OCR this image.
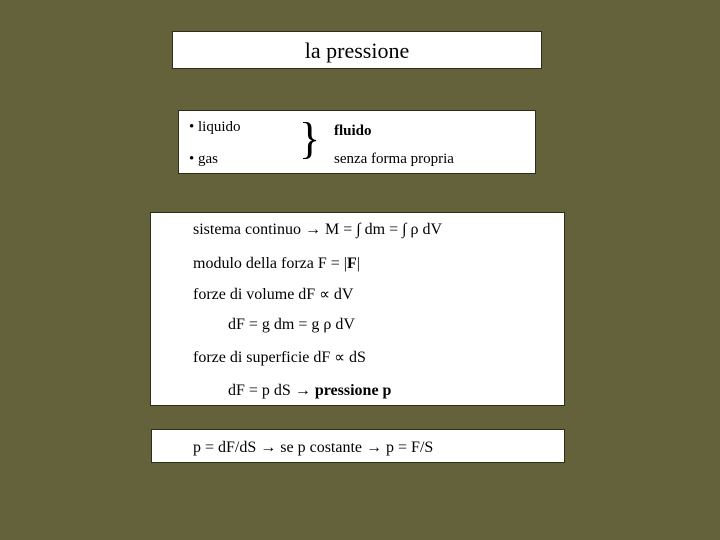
la pressione
• liquido
• gas } fluido
senza forma propria
sistema continuo → M = ∫ dm = ∫ ρ dV
modulo della forza F = |F|
forze di volume dF ∝ dV
dF = g dm = g ρ dV
forze di superficie dF ∝ dS
dF = p dS → pressione p
p = dF/dS → se p costante → p = F/S
